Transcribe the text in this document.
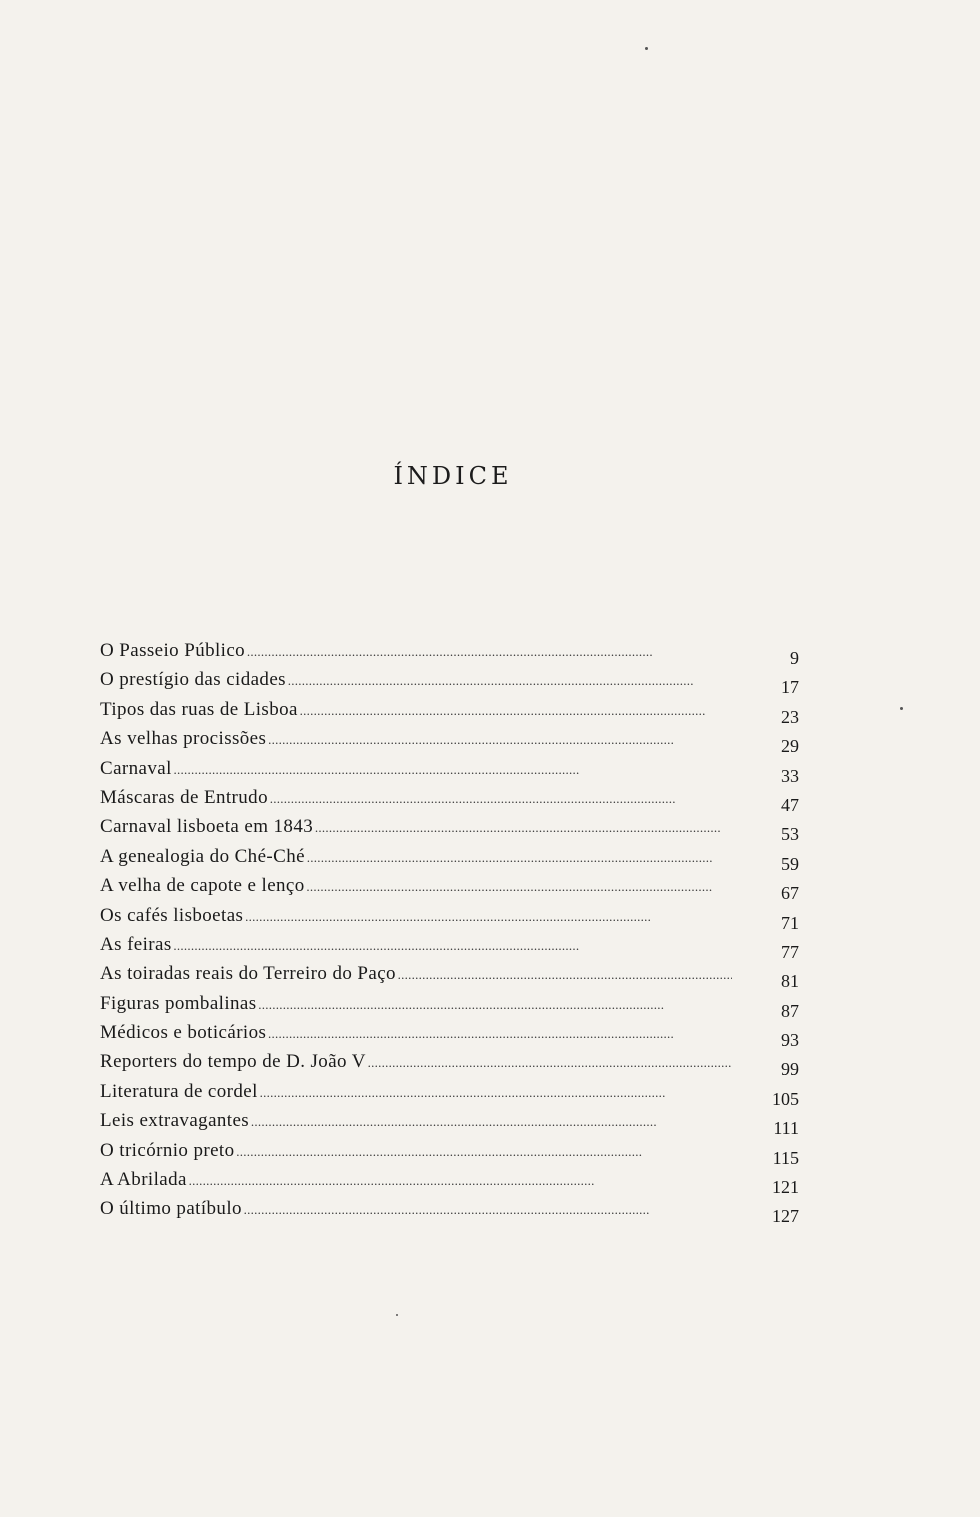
ÍNDICE
O Passeio Público . . .	9
O prestígio das cidades . . .	17
Tipos das ruas de Lisboa . . .	23
As velhas procissões . . .	29
Carnaval . . .	33
Máscaras de Entrudo . . .	47
Carnaval lisboeta em 1843 . . .	53
A genealogia do Ché-Ché . . .	59
A velha de capote e lenço . . .	67
Os cafés lisboetas . . .	71
As feiras . . .	77
As toiradas reais do Terreiro do Paço . . .	81
Figuras pombalinas . . .	87
Médicos e boticários . . .	93
Reporters do tempo de D. João V . . .	99
Literatura de cordel . . .	105
Leis extravagantes . . .	111
O tricórnio preto . . .	115
A Abrilada . . .	121
O último patíbulo . . .	127
